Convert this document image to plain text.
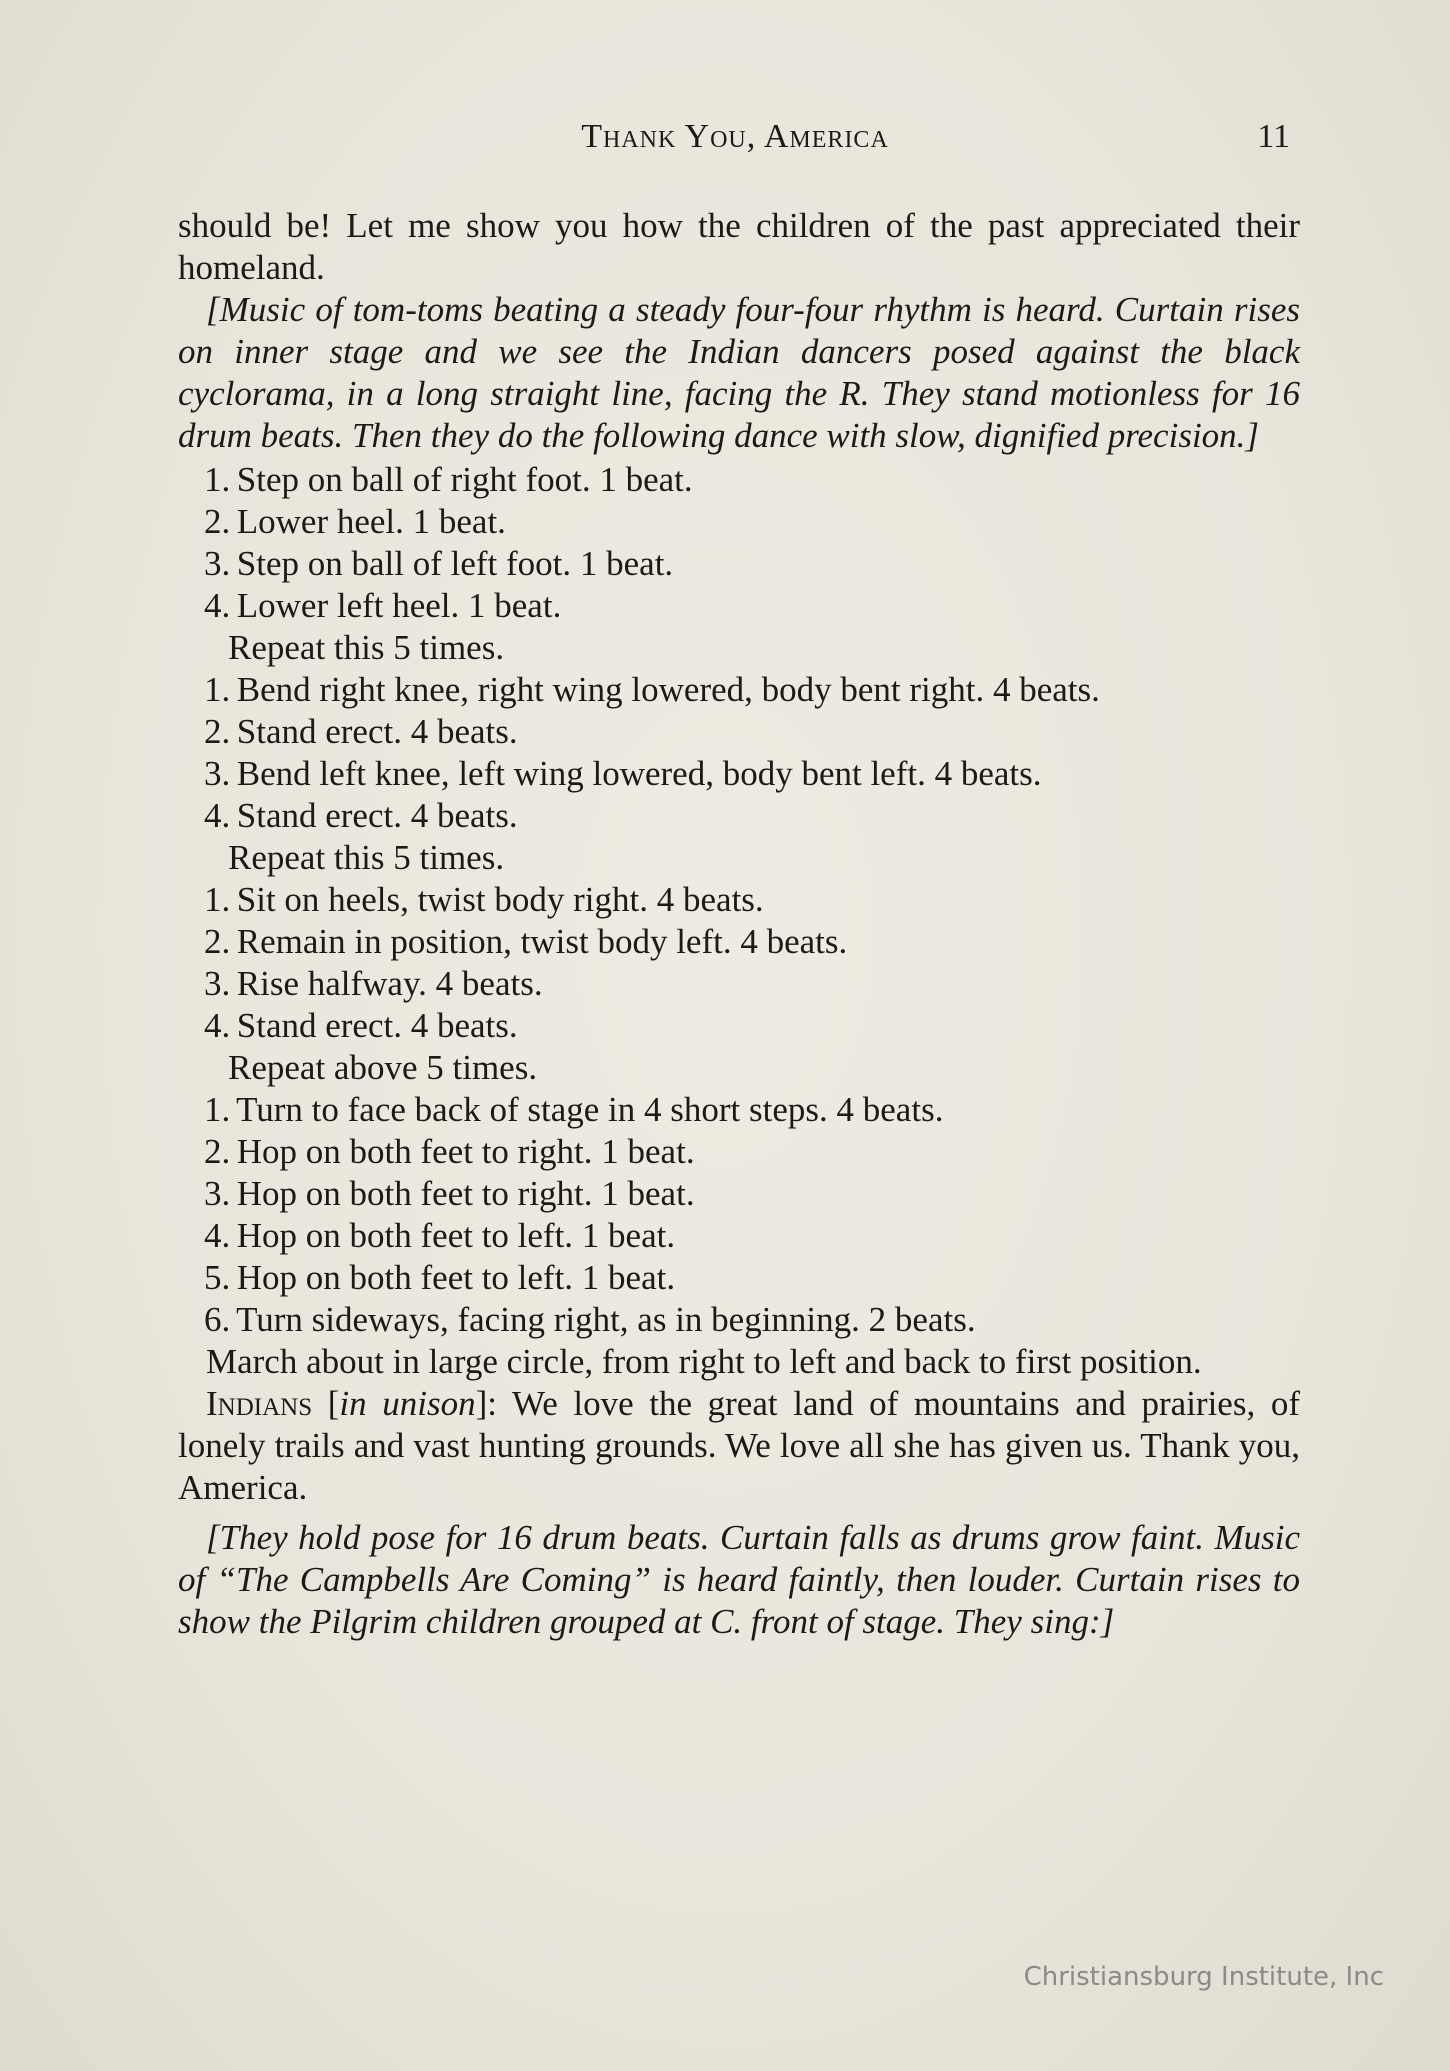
Thank You, America	11

should be! Let me show you how the children of the past appreciated their homeland.

[Music of tom-toms beating a steady four-four rhythm is heard. Curtain rises on inner stage and we see the Indian dancers posed against the black cyclorama, in a long straight line, facing the R. They stand motionless for 16 drum beats. Then they do the following dance with slow, dignified precision.]

1. Step on ball of right foot. 1 beat.

2. Lower heel. 1 beat.

3. Step on ball of left foot. 1 beat.

4. Lower left heel. 1 beat.

Repeat this 5 times.

1. Bend right knee, right wing lowered, body bent right. 4 beats.

2. Stand erect. 4 beats.

3. Bend left knee, left wing lowered, body bent left. 4 beats.

4. Stand erect. 4 beats.

Repeat this 5 times.

1. Sit on heels, twist body right. 4 beats.

2. Remain in position, twist body left. 4 beats.

3. Rise halfway. 4 beats.

4. Stand erect. 4 beats.

Repeat above 5 times.

1. Turn to face back of stage in 4 short steps. 4 beats.

2. Hop on both feet to right. 1 beat.

3. Hop on both feet to right. 1 beat.

4. Hop on both feet to left. 1 beat.

5. Hop on both feet to left. 1 beat.

6. Turn sideways, facing right, as in beginning. 2 beats.

March about in large circle, from right to left and back to first position.

Indians [in unison]: We love the great land of mountains and prairies, of lonely trails and vast hunting grounds. We love all she has given us. Thank you, America.

[They hold pose for 16 drum beats. Curtain falls as drums grow faint. Music of “The Campbells Are Coming” is heard faintly, then louder. Curtain rises to show the Pilgrim children grouped at C. front of stage. They sing:]

Christiansburg Institute, Inc
